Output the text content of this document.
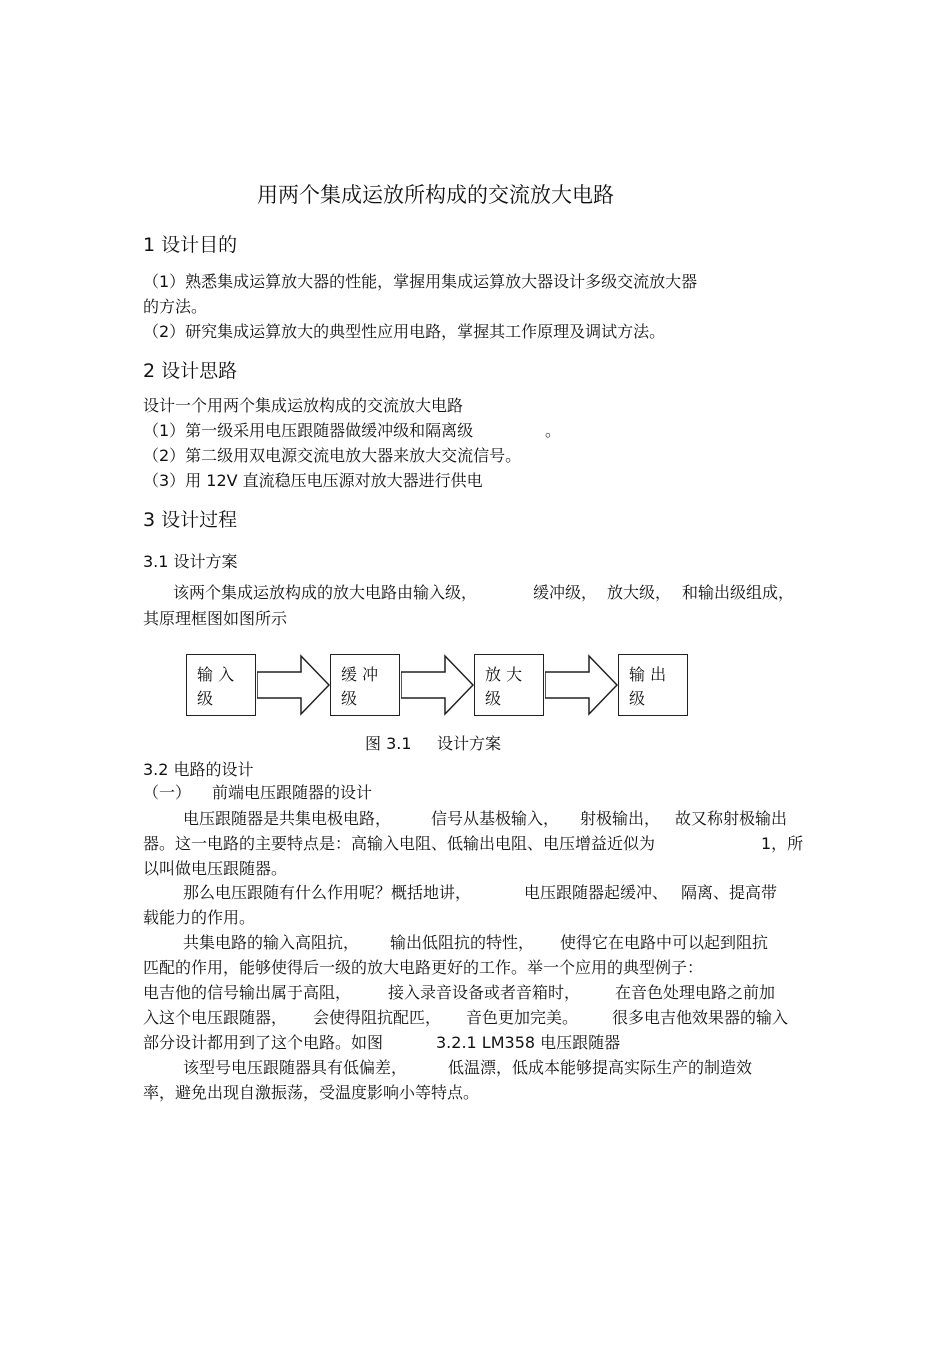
用两个集成运放所构成的交流放大电路
1 设计目的
（1）熟悉集成运算放大器的性能，掌握用集成运算放大器设计多级交流放大器
的方法。
（2）研究集成运算放大的典型性应用电路，掌握其工作原理及调试方法。
2 设计思路
设计一个用两个集成运放构成的交流放大电路
（1）第一级采用电压跟随器做缓冲级和隔离级	。
（2）第二级用双电源交流电放大器来放大交流信号。
（3）用 12V 直流稳压电压源对放大器进行供电
3 设计过程
3.1 设计方案
该两个集成运放构成的放大电路由输入级，	缓冲级， 放大级， 和输出级组成，
其原理框图如图所示
输 入
级
缓 冲
级
放 大
级
输 出
级
图 3.1 设计方案
3.2 电路的设计
（一） 前端电压跟随器的设计
电压跟随器是共集电极电路， 信号从基极输入， 射极输出， 故又称射极输出
器。这一电路的主要特点是：高输入电阻、低输出电阻、电压增益近似为	1，所
以叫做电压跟随器。
那么电压跟随有什么作用呢？概括地讲，	电压跟随器起缓冲、 隔离、提高带
载能力的作用。
共集电路的输入高阻抗， 输出低阻抗的特性， 使得它在电路中可以起到阻抗
匹配的作用，能够使得后一级的放大电路更好的工作。举一个应用的典型例子：
电吉他的信号输出属于高阻， 接入录音设备或者音箱时， 在音色处理电路之前加
入这个电压跟随器， 会使得阻抗配匹， 音色更加完美。 很多电吉他效果器的输入
部分设计都用到了这个电路。如图	3.2.1 LM358 电压跟随器
该型号电压跟随器具有低偏差，	低温漂，低成本能够提高实际生产的制造效
率，避免出现自激振荡，受温度影响小等特点。
